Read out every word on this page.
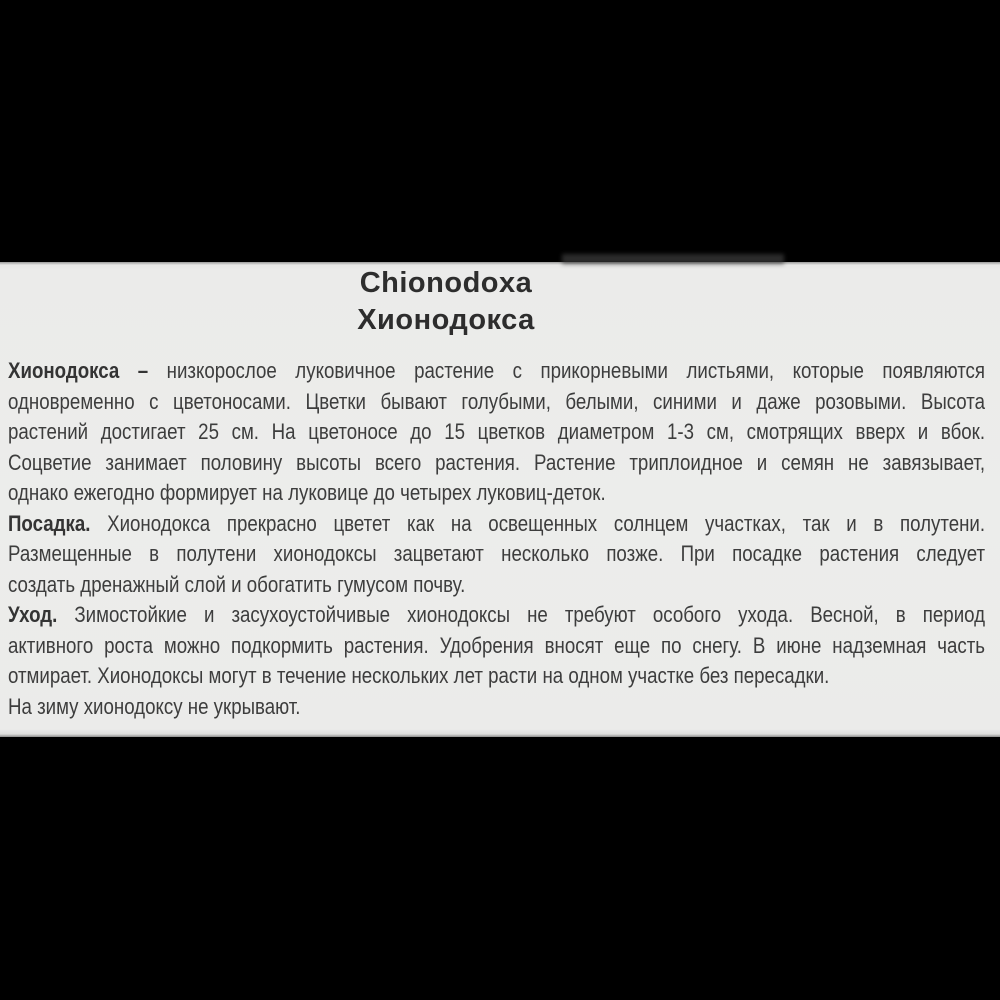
Chionodoxa
Хионодокса
Хионодокса – низкорослое луковичное растение с прикорневыми листьями, которые появляются
одновременно с цветоносами. Цветки бывают голубыми, белыми, синими и даже розовыми. Высота
растений достигает 25 см. На цветоносе до 15 цветков диаметром 1-3 см, смотрящих вверх и вбок.
Соцветие занимает половину высоты всего растения. Растение триплоидное и семян не завязывает,
однако ежегодно формирует на луковице до четырех луковиц-деток.
Посадка. Хионодокса прекрасно цветет как на освещенных солнцем участках, так и в полутени.
Размещенные в полутени хионодоксы зацветают несколько позже. При посадке растения следует
создать дренажный слой и обогатить гумусом почву.
Уход. Зимостойкие и засухоустойчивые хионодоксы не требуют особого ухода. Весной, в период
активного роста можно подкормить растения. Удобрения вносят еще по снегу. В июне надземная часть
отмирает. Хионодоксы могут в течение нескольких лет расти на одном участке без пересадки.
На зиму хионодоксу не укрывают.
